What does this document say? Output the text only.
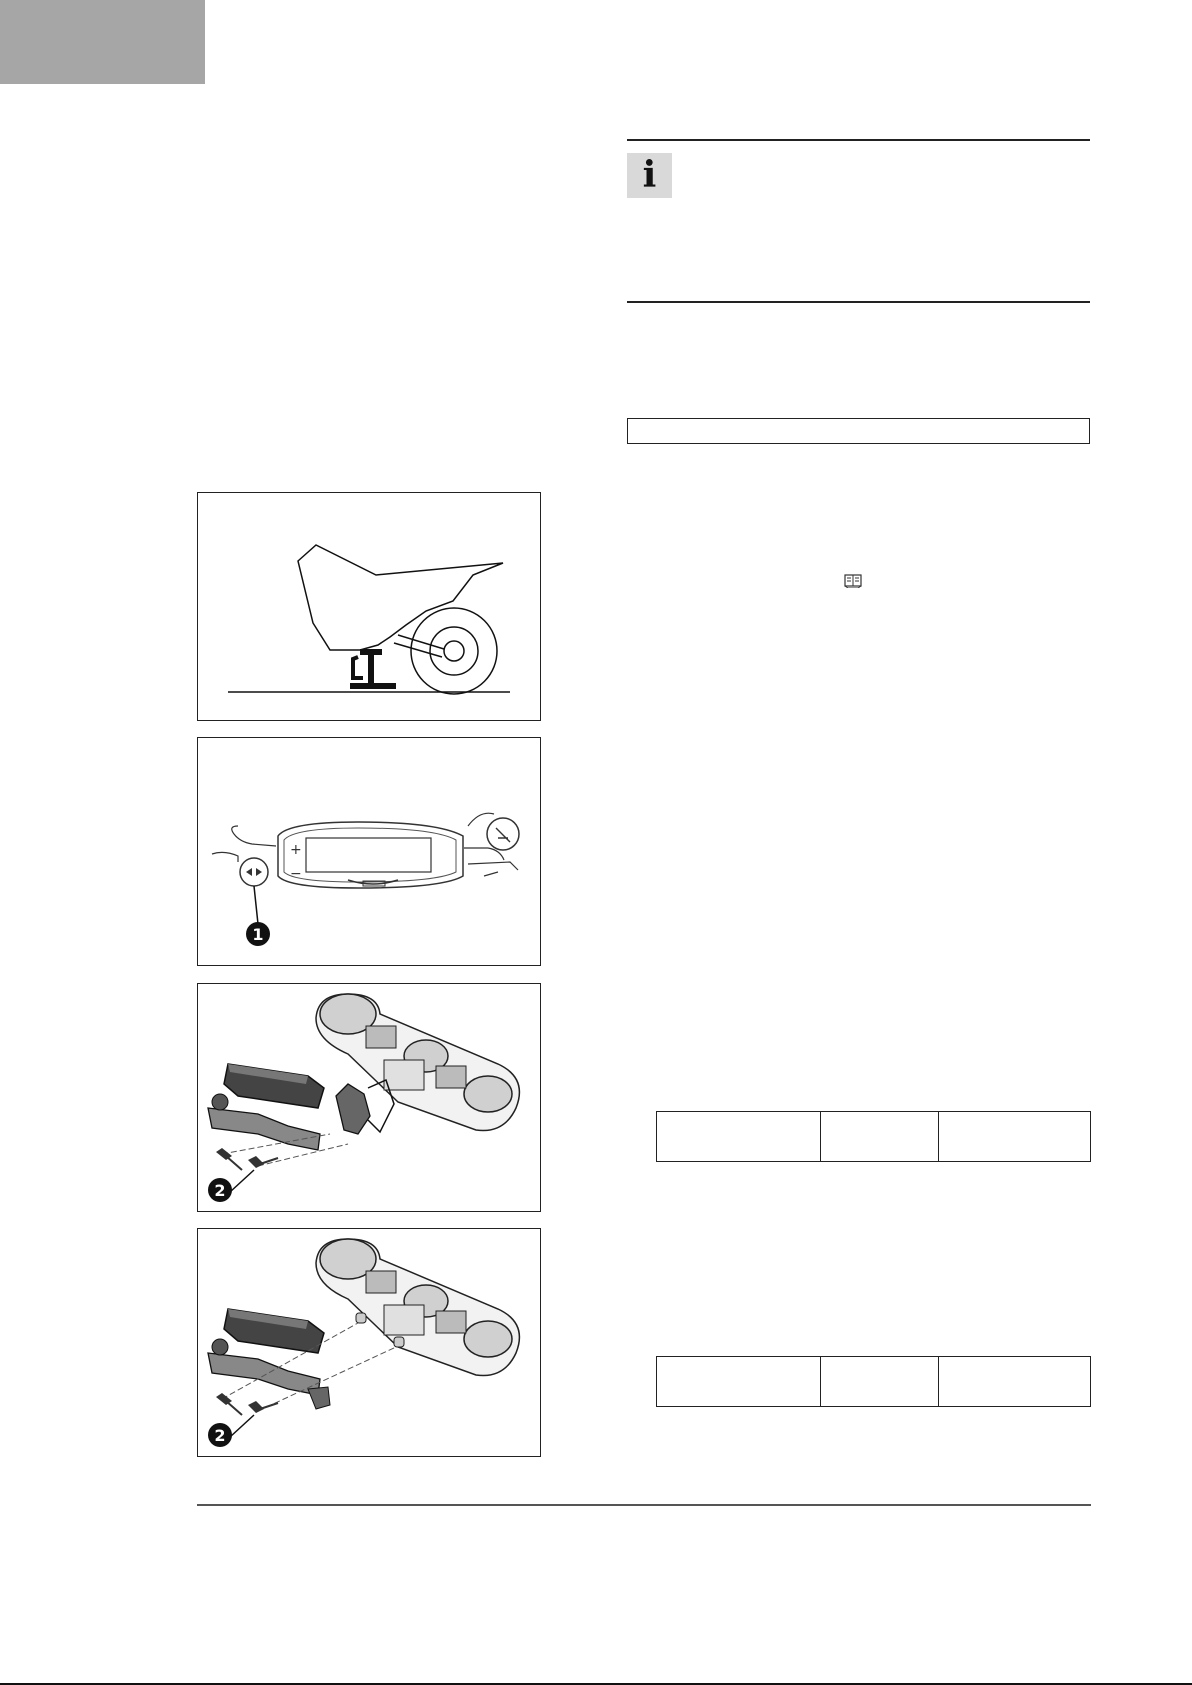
i
+
−
1
2
2
